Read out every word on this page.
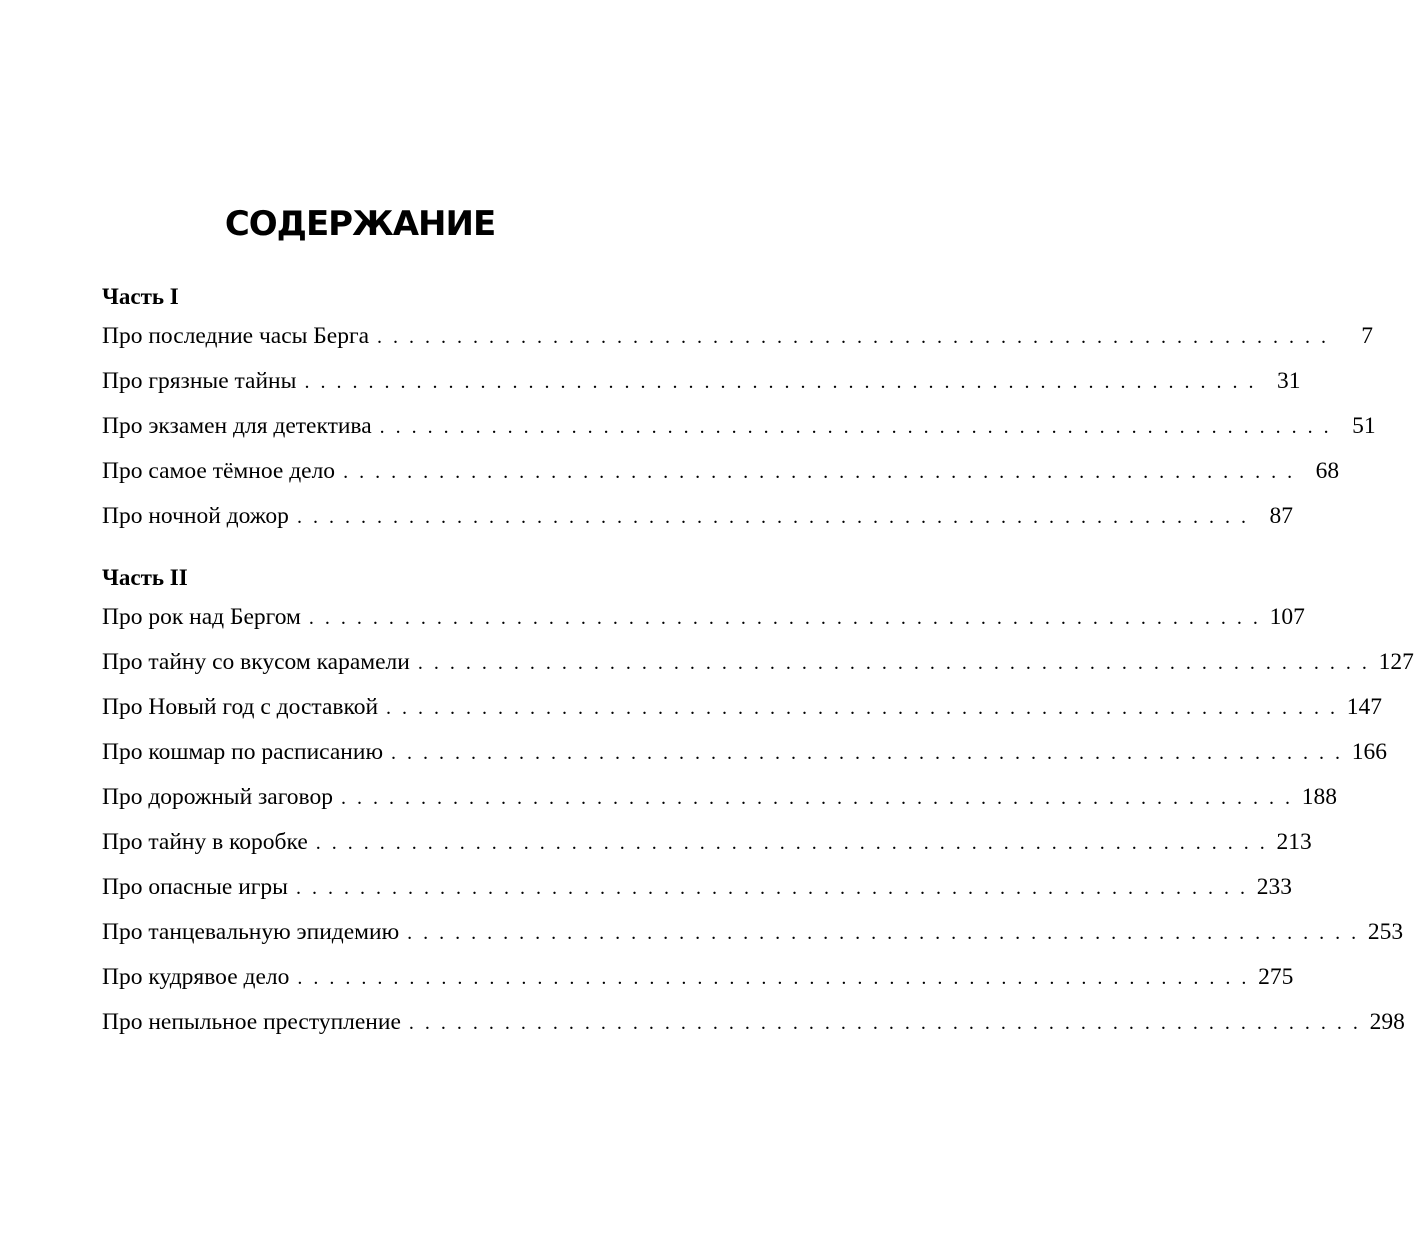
СОДЕРЖАНИЕ
Часть I
Про последние часы Берга . . . . . . . . . . . . . . . . . . . . . . . . . . . . . . . . . . . . . . . . . . . . . . . . . . . . . . . . . . . .	7
Про грязные тайны . . . . . . . . . . . . . . . . . . . . . . . . . . . . . . . . . . . . . . . . . . . . . . . . . . . . . . . . . . . . 31
Про экзамен для детектива . . . . . . . . . . . . . . . . . . . . . . . . . . . . . . . . . . . . . . . . . . . . . . . . . . . . . . . . . . . . 51
Про самое тёмное дело . . . . . . . . . . . . . . . . . . . . . . . . . . . . . . . . . . . . . . . . . . . . . . . . . . . . . . . . . . . . 68
Про ночной дожор . . . . . . . . . . . . . . . . . . . . . . . . . . . . . . . . . . . . . . . . . . . . . . . . . . . . . . . . . . . . 87
Часть II
Про рок над Бергом . . . . . . . . . . . . . . . . . . . . . . . . . . . . . . . . . . . . . . . . . . . . . . . . . . . . . . . . . . . . 107
Про тайну со вкусом карамели . . . . . . . . . . . . . . . . . . . . . . . . . . . . . . . . . . . . . . . . . . . . . . . . . . . . . . . . . . . . 127
Про Новый год с доставкой . . . . . . . . . . . . . . . . . . . . . . . . . . . . . . . . . . . . . . . . . . . . . . . . . . . . . . . . . . . . 147
Про кошмар по расписанию . . . . . . . . . . . . . . . . . . . . . . . . . . . . . . . . . . . . . . . . . . . . . . . . . . . . . . . . . . . . 166
Про дорожный заговор . . . . . . . . . . . . . . . . . . . . . . . . . . . . . . . . . . . . . . . . . . . . . . . . . . . . . . . . . . . . 188
Про тайну в коробке . . . . . . . . . . . . . . . . . . . . . . . . . . . . . . . . . . . . . . . . . . . . . . . . . . . . . . . . . . . . 213
Про опасные игры . . . . . . . . . . . . . . . . . . . . . . . . . . . . . . . . . . . . . . . . . . . . . . . . . . . . . . . . . . . . 233
Про танцевальную эпидемию . . . . . . . . . . . . . . . . . . . . . . . . . . . . . . . . . . . . . . . . . . . . . . . . . . . . . . . . . . . . 253
Про кудрявое дело . . . . . . . . . . . . . . . . . . . . . . . . . . . . . . . . . . . . . . . . . . . . . . . . . . . . . . . . . . . . 275
Про непыльное преступление . . . . . . . . . . . . . . . . . . . . . . . . . . . . . . . . . . . . . . . . . . . . . . . . . . . . . . . . . . . . 298
